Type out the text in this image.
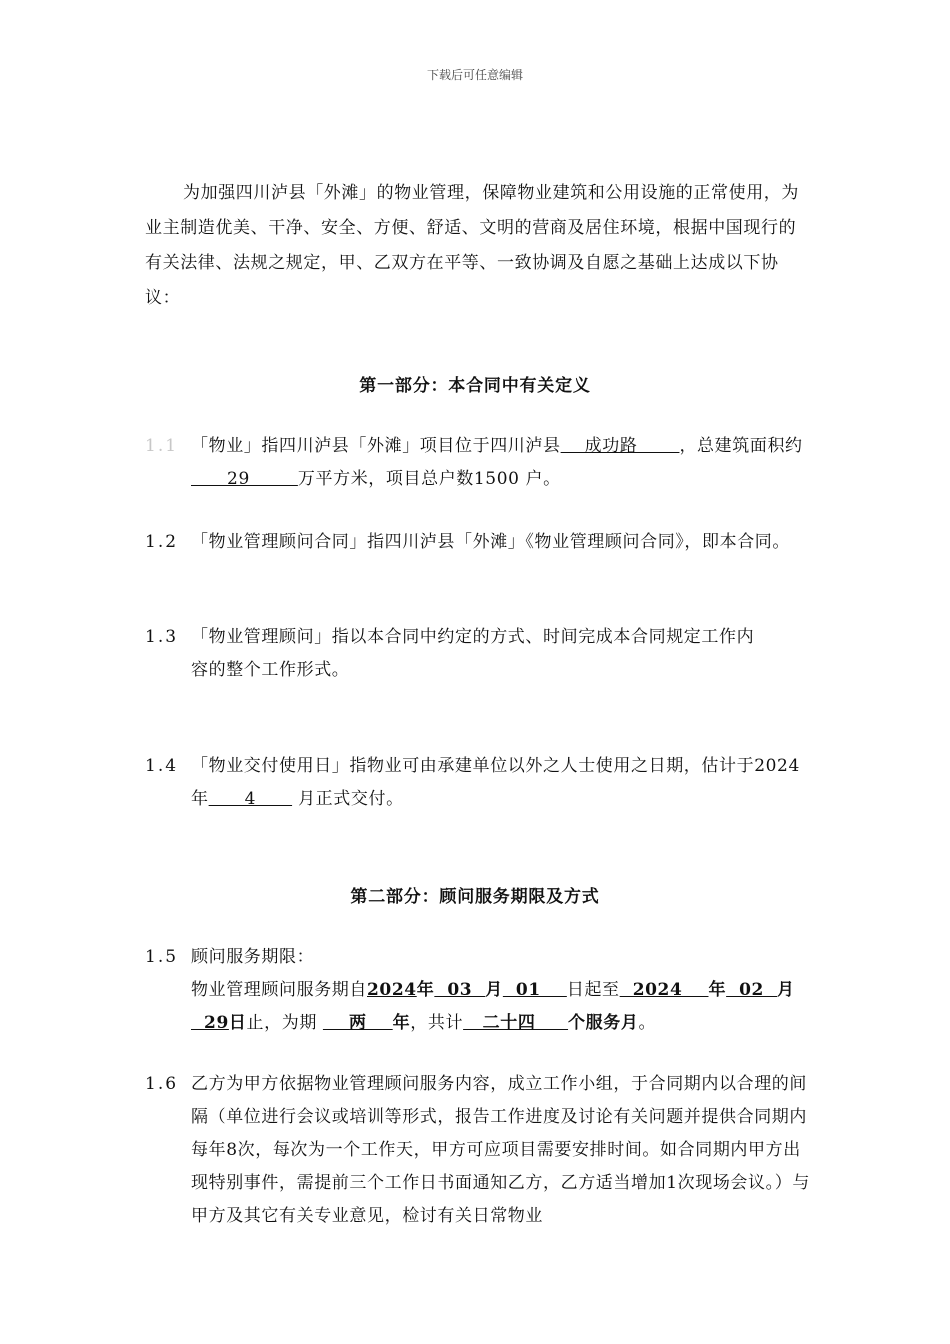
下载后可任意编辑
为加强四川泸县「外滩」的物业管理，保障物业建筑和公用设施的正常使用，为业主制造优美、干净、安全、方便、舒适、文明的营商及居住环境，根据中国现行的有关法律、法规之规定，甲、乙双方在平等、一致协调及自愿之基础上达成以下协议：
第一部分：本合同中有关定义
1.1 「物业」指四川泸县「外滩」项目位于四川泸县    成功路       ，总建筑面积约       29        万平方米，项目总户数1500 户。
1.2 「物业管理顾问合同」指四川泸县「外滩」《物业管理顾问合同》，即本合同。
1.3 「物业管理顾问」指以本合同中约定的方式、时间完成本合同规定工作内
容的整个工作形式。
1.4 「物业交付使用日」指物业可由承建单位以外之人士使用之日期，估计于2024年      4       月正式交付。
第二部分：顾问服务期限及方式
1.5 顾问服务期限：
物业管理顾问服务期自2024年  03  月  01    日起至  2024    年  02  月  29日止，为期     两    年，共计   二十四     个服务月。
1.6 乙方为甲方依据物业管理顾问服务内容，成立工作小组，于合同期内以合理的间隔（单位进行会议或培训等形式，报告工作进度及讨论有关问题并提供合同期内每年8次，每次为一个工作天，甲方可应项目需要安排时间。如合同期内甲方出现特别事件，需提前三个工作日书面通知乙方，乙方适当增加1次现场会议。）与甲方及其它有关专业意见，检讨有关日常物业
